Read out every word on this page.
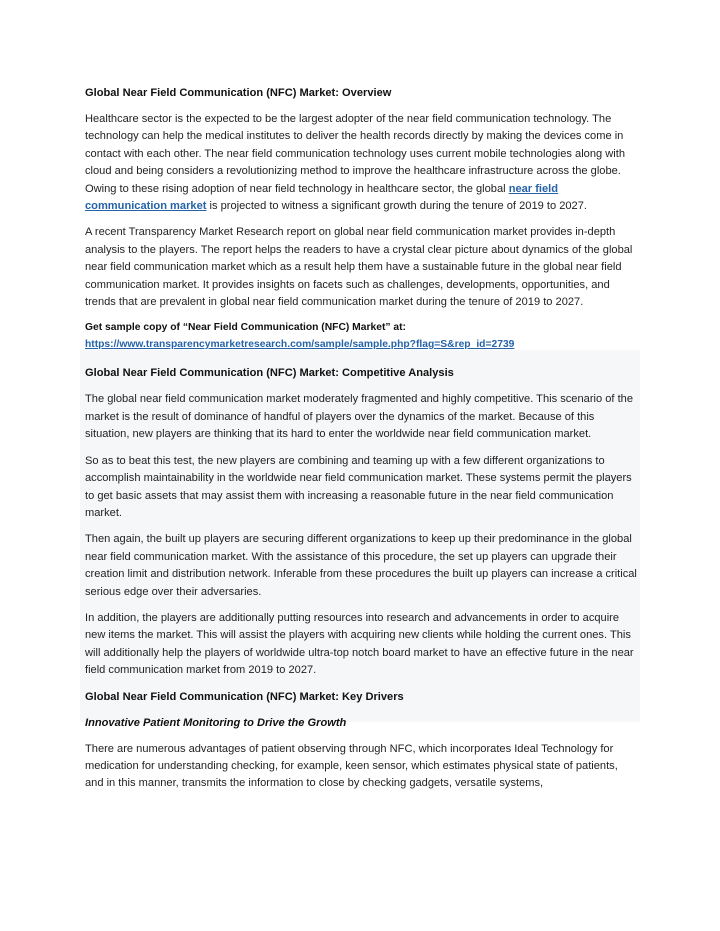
Global Near Field Communication (NFC) Market: Overview

Healthcare sector is the expected to be the largest adopter of the near field communication technology. The technology can help the medical institutes to deliver the health records directly by making the devices come in contact with each other. The near field communication technology uses current mobile technologies along with cloud and being considers a revolutionizing method to improve the healthcare infrastructure across the globe. Owing to these rising adoption of near field technology in healthcare sector, the global near field communication market is projected to witness a significant growth during the tenure of 2019 to 2027.

A recent Transparency Market Research report on global near field communication market provides in-depth analysis to the players. The report helps the readers to have a crystal clear picture about dynamics of the global near field communication market which as a result help them have a sustainable future in the global near field communication market. It provides insights on facets such as challenges, developments, opportunities, and trends that are prevalent in global near field communication market during the tenure of 2019 to 2027.

Get sample copy of “Near Field Communication (NFC) Market” at:
https://www.transparencymarketresearch.com/sample/sample.php?flag=S&rep_id=2739
Global Near Field Communication (NFC) Market: Competitive Analysis

The global near field communication market moderately fragmented and highly competitive. This scenario of the market is the result of dominance of handful of players over the dynamics of the market. Because of this situation, new players are thinking that its hard to enter the worldwide near field communication market.

So as to beat this test, the new players are combining and teaming up with a few different organizations to accomplish maintainability in the worldwide near field communication market. These systems permit the players to get basic assets that may assist them with increasing a reasonable future in the near field communication market.

Then again, the built up players are securing different organizations to keep up their predominance in the global near field communication market. With the assistance of this procedure, the set up players can upgrade their creation limit and distribution network. Inferable from these procedures the built up players can increase a critical serious edge over their adversaries.

In addition, the players are additionally putting resources into research and advancements in order to acquire new items the market. This will assist the players with acquiring new clients while holding the current ones. This will additionally help the players of worldwide ultra-top notch board market to have an effective future in the near field communication market from 2019 to 2027.

Global Near Field Communication (NFC) Market: Key Drivers
Innovative Patient Monitoring to Drive the Growth

There are numerous advantages of patient observing through NFC, which incorporates Ideal Technology for medication for understanding checking, for example, keen sensor, which estimates physical state of patients, and in this manner, transmits the information to close by checking gadgets, versatile systems,
